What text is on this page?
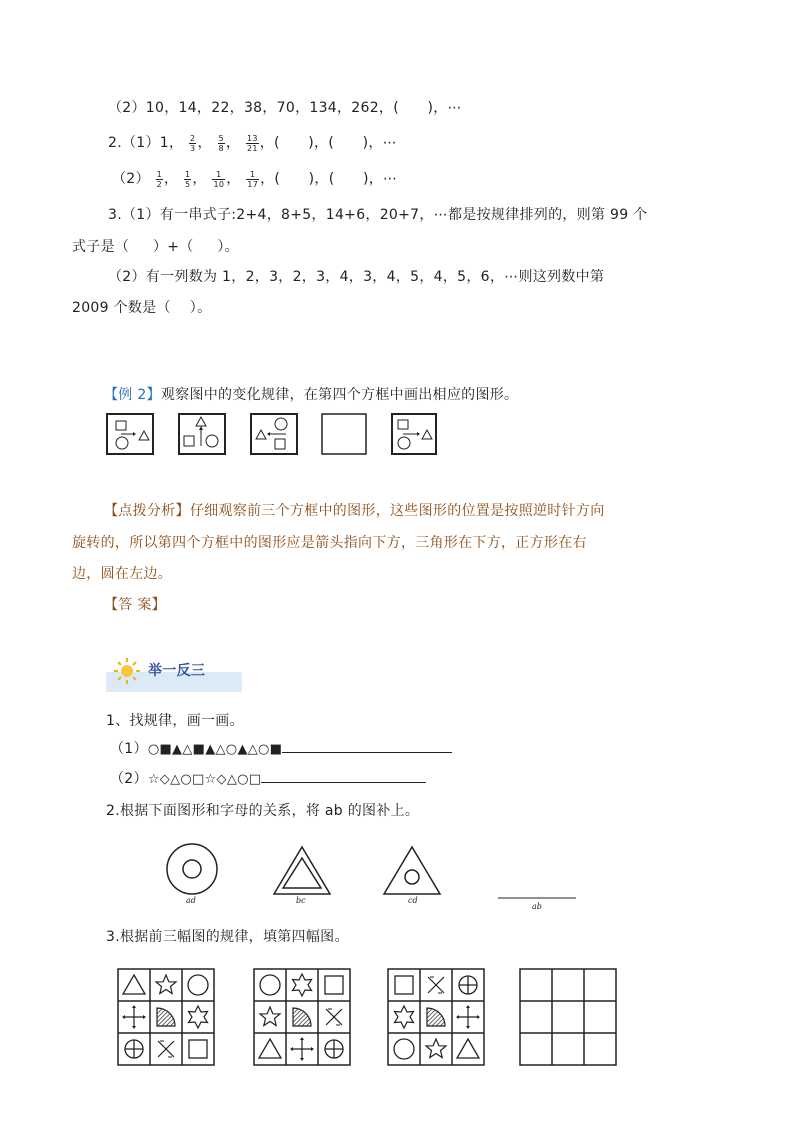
（2）10，14，22，38，70，134，262，(      )，⋯
2.（1）1， $\frac{2}{3}$ ， $\frac{5}{8}$ ， $\frac{13}{21}$ ，(      )，(      )，⋯
$(2) \frac{1}{2}$ ， $\frac{1}{5}$ ， $\frac{1}{10}$ ， $\frac{1}{17}$ ，(      )，(      )，⋯
3.（1）有一串式子:2+4，8+5，14+6，20+7，⋯都是按规律排列的，则第 99 个
式子是（     ）+（     ）。
（2）有一列数为 1，2，3，2，3，4，3，4，5，4，5，6，⋯则这列数中第
2009 个数是（    ）。
【例 2】观察图中的变化规律，在第四个方框中画出相应的图形。
【点拨分析】仔细观察前三个方框中的图形，这些图形的位置是按照逆时针方向
旋转的，所以第四个方框中的图形应是箭头指向下方，三角形在下方，正方形在右
边，圆在左边。
【答 案】
举一反三
1、找规律，画一画。
（1）○■▲△■▲△○▲△○■
（2）☆◇△○□☆◇△○□
2.根据下面图形和字母的关系，将 ab 的图补上。
ad	bc	cd
ab
3.根据前三幅图的规律，填第四幅图。
